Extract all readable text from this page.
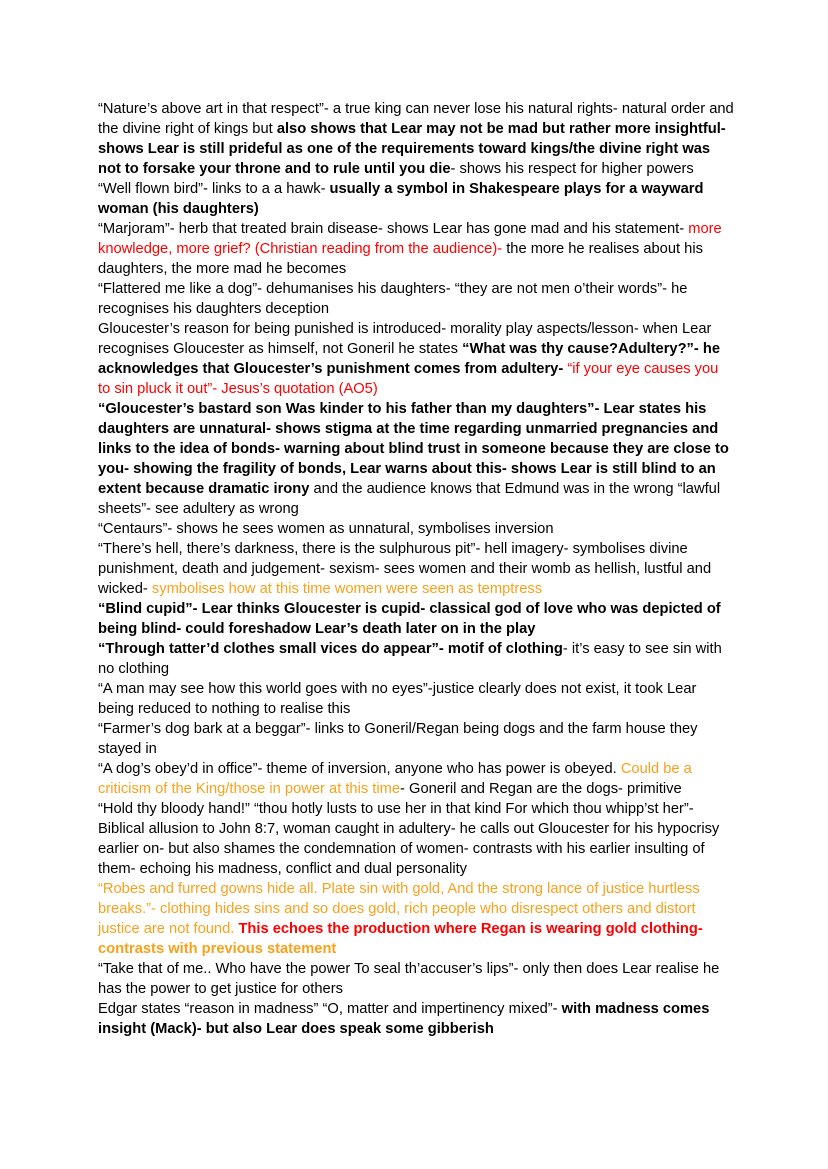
“Nature’s above art in that respect”- a true king can never lose his natural rights- natural order and the divine right of kings but also shows that Lear may not be mad but rather more insightful- shows Lear is still prideful as one of the requirements toward kings/the divine right was not to forsake your throne and to rule until you die- shows his respect for higher powers

“Well flown bird”- links to a a hawk- usually a symbol in Shakespeare plays for a wayward woman (his daughters)

“Marjoram”- herb that treated brain disease- shows Lear has gone mad and his statement- more knowledge, more grief? (Christian reading from the audience)- the more he realises about his daughters, the more mad he becomes

“Flattered me like a dog”- dehumanises his daughters- “they are not men o’their words”- he recognises his daughters deception

Gloucester’s reason for being punished is introduced- morality play aspects/lesson- when Lear recognises Gloucester as himself, not Goneril he states “What was thy cause?Adultery?”- he acknowledges that Gloucester’s punishment comes from adultery- “if your eye causes you to sin pluck it out”- Jesus’s quotation (AO5)

“Gloucester’s bastard son Was kinder to his father than my daughters”- Lear states his daughters are unnatural- shows stigma at the time regarding unmarried pregnancies and links to the idea of bonds- warning about blind trust in someone because they are close to you- showing the fragility of bonds, Lear warns about this- shows Lear is still blind to an extent because dramatic irony and the audience knows that Edmund was in the wrong “lawful sheets”- see adultery as wrong

“Centaurs”- shows he sees women as unnatural, symbolises inversion

“There’s hell, there’s darkness, there is the sulphurous pit”- hell imagery- symbolises divine punishment, death and judgement- sexism- sees women and their womb as hellish, lustful and wicked- symbolises how at this time women were seen as temptress

“Blind cupid”- Lear thinks Gloucester is cupid- classical god of love who was depicted of being blind- could foreshadow Lear’s death later on in the play

“Through tatter’d clothes small vices do appear”- motif of clothing- it’s easy to see sin with no clothing

“A man may see how this world goes with no eyes”-justice clearly does not exist, it took Lear being reduced to nothing to realise this

“Farmer’s dog bark at a beggar”- links to Goneril/Regan being dogs and the farm house they stayed in

“A dog’s obey’d in office”- theme of inversion, anyone who has power is obeyed. Could be a criticism of the King/those in power at this time- Goneril and Regan are the dogs- primitive

“Hold thy bloody hand!” “thou hotly lusts to use her in that kind For which thou whipp’st her”- Biblical allusion to John 8:7, woman caught in adultery- he calls out Gloucester for his hypocrisy earlier on- but also shames the condemnation of women- contrasts with his earlier insulting of them- echoing his madness, conflict and dual personality

“Robes and furred gowns hide all. Plate sin with gold, And the strong lance of justice hurtless breaks.”- clothing hides sins and so does gold, rich people who disrespect others and distort justice are not found. This echoes the production where Regan is wearing gold clothing- contrasts with previous statement

“Take that of me.. Who have the power To seal th’accuser’s lips”- only then does Lear realise he has the power to get justice for others

Edgar states “reason in madness” “O, matter and impertinency mixed”- with madness comes insight (Mack)- but also Lear does speak some gibberish
